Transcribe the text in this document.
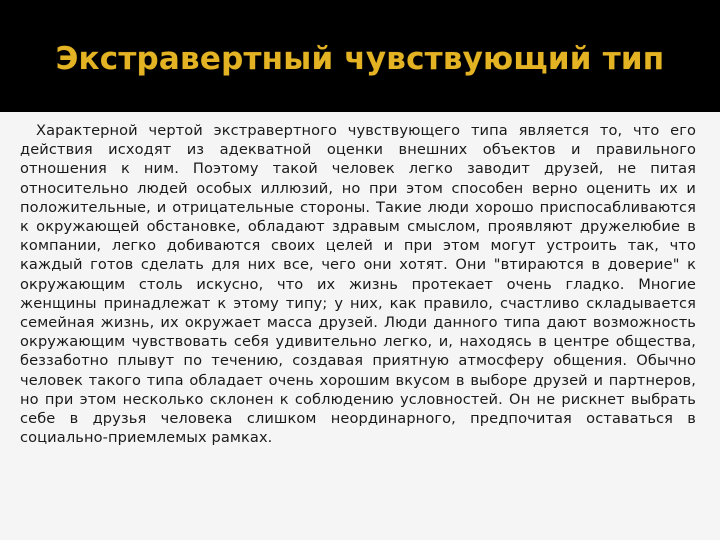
Экстравертный чувствующий тип

Характерной чертой экстравертного чувствующего типа является то, что его действия исходят из адекватной оценки внешних объектов и правильного отношения к ним. Поэтому такой человек легко заводит друзей, не питая относительно людей особых иллюзий, но при этом способен верно оценить их и положительные, и отрицательные стороны. Такие люди хорошо приспосабливаются к окружающей обстановке, обладают здравым смыслом, проявляют дружелюбие в компании, легко добиваются своих целей и при этом могут устроить так, что каждый готов сделать для них все, чего они хотят. Они "втираются в доверие" к окружающим столь искусно, что их жизнь протекает очень гладко. Многие женщины принадлежат к этому типу; у них, как правило, счастливо складывается семейная жизнь, их окружает масса друзей. Люди данного типа дают возможность окружающим чувствовать себя удивительно легко, и, находясь в центре общества, беззаботно плывут по течению, создавая приятную атмосферу общения. Обычно человек такого типа обладает очень хорошим вкусом в выборе друзей и партнеров, но при этом несколько склонен к соблюдению условностей. Он не рискнет выбрать себе в друзья человека слишком неординарного, предпочитая оставаться в социально-приемлемых рамках.
